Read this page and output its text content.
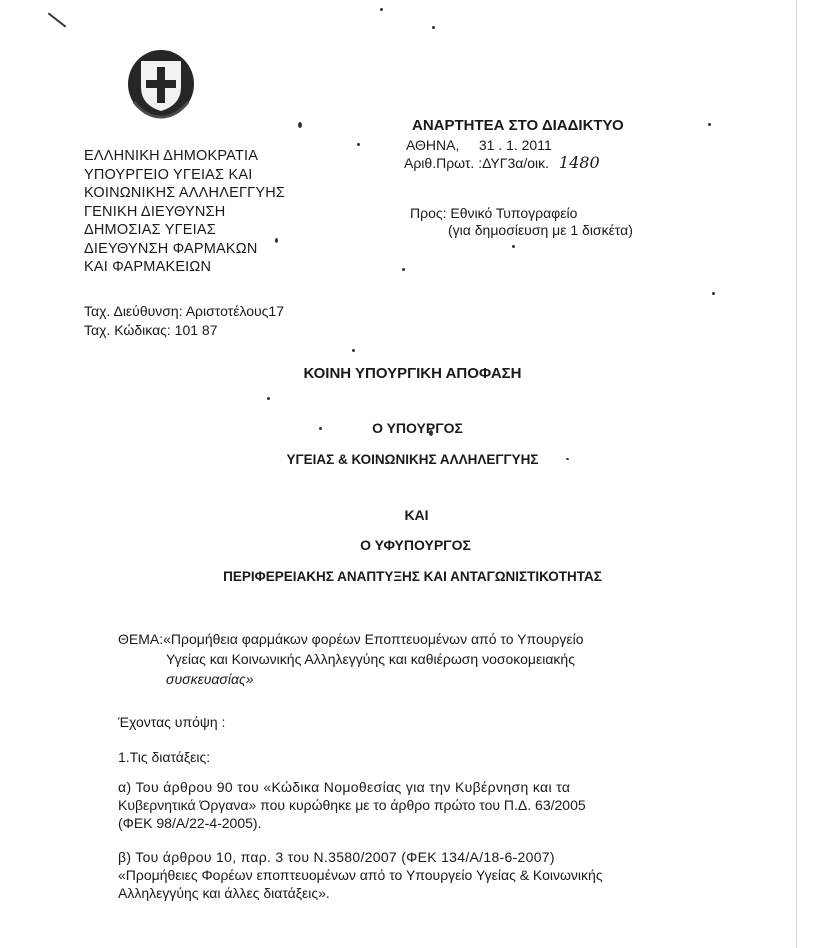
ΑΝΑΡΤΗΤΕΑ ΣΤΟ ΔΙΑΔΙΚΤΥΟ
ΑΘΗΝΑ,     31 . 1. 2011
Αριθ.Πρωτ. :ΔΥΓ3α/οικ. 1480
ΕΛΛΗΝΙΚΗ ΔΗΜΟΚΡΑΤΙΑ
ΥΠΟΥΡΓΕΙΟ ΥΓΕΙΑΣ ΚΑΙ
ΚΟΙΝΩΝΙΚΗΣ ΑΛΛΗΛΕΓΓΥΗΣ
ΓΕΝΙΚΗ ΔΙΕΥΘΥΝΣΗ
ΔΗΜΟΣΙΑΣ ΥΓΕΙΑΣ
ΔΙΕΥΘΥΝΣΗ ΦΑΡΜΑΚΩΝ
ΚΑΙ ΦΑΡΜΑΚΕΙΩΝ
Προς: Εθνικό Τυπογραφείο
(για δημοσίευση με 1 δισκέτα)
Ταχ. Διεύθυνση: Αριστοτέλους17
Ταχ. Κώδικας: 101 87
ΚΟΙΝΗ ΥΠΟΥΡΓΙΚΗ ΑΠΟΦΑΣΗ
Ο ΥΠΟΥΡΓΟΣ
ΥΓΕΙΑΣ & ΚΟΙΝΩΝΙΚΗΣ ΑΛΛΗΛΕΓΓΥΗΣ
ΚΑΙ
Ο ΥΦΥΠΟΥΡΓΟΣ
ΠΕΡΙΦΕΡΕΙΑΚΗΣ ΑΝΑΠΤΥΞΗΣ ΚΑΙ ΑΝΤΑΓΩΝΙΣΤΙΚΟΤΗΤΑΣ
ΘΕΜΑ:«Προμήθεια φαρμάκων φορέων Εποπτευομένων από το Υπουργείο
Υγείας και Κοινωνικής Αλληλεγγύης και καθιέρωση νοσοκομειακής
συσκευασίας»
Έχοντας υπόψη :
1.Τις διατάξεις:
α) Του άρθρου 90 του «Κώδικα Νομοθεσίας για την Κυβέρνηση και τα
Κυβερνητικά Όργανα» που κυρώθηκε με το άρθρο πρώτο του Π.Δ. 63/2005
(ΦΕΚ 98/Α/22-4-2005).
β) Του άρθρου 10, παρ. 3 του Ν.3580/2007 (ΦΕΚ 134/Α/18-6-2007)
«Προμήθειες Φορέων εποπτευομένων από το Υπουργείο Υγείας & Κοινωνικής
Αλληλεγγύης και άλλες διατάξεις».
